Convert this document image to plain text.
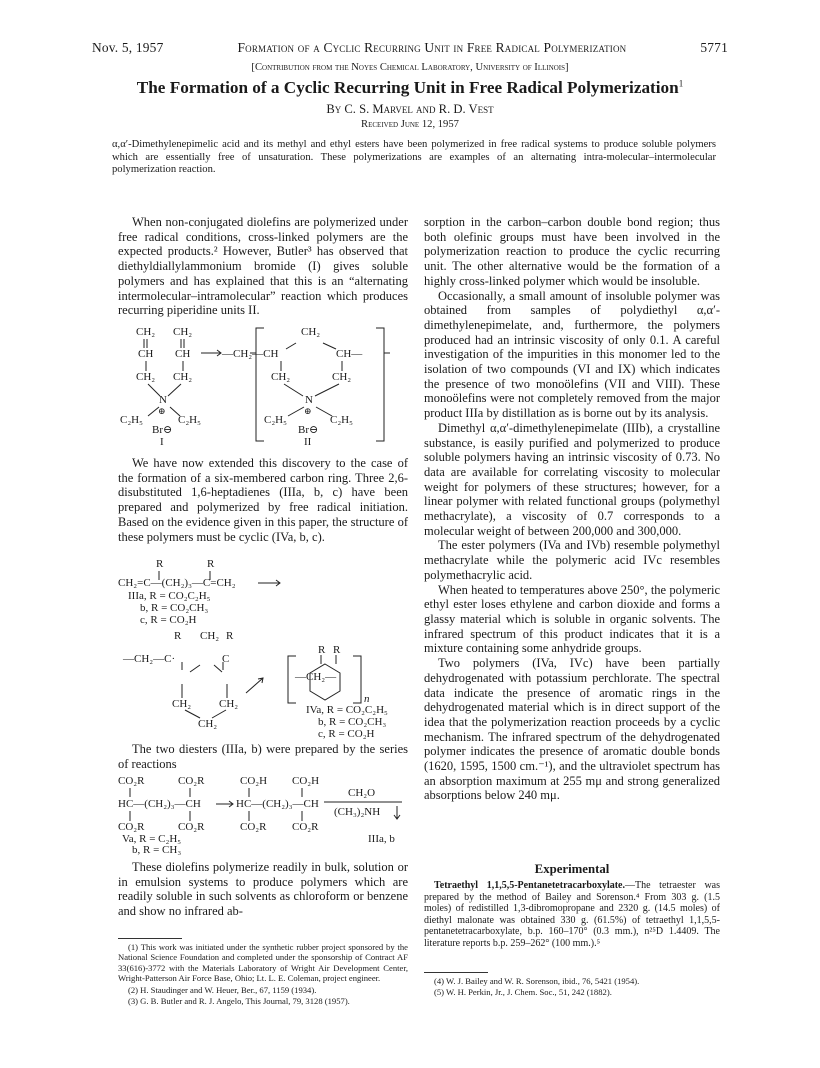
Nov. 5, 1957	Formation of a Cyclic Recurring Unit in Free Radical Polymerization	5771
[Contribution from the Noyes Chemical Laboratory, University of Illinois]
The Formation of a Cyclic Recurring Unit in Free Radical Polymerization$^1$
By C. S. Marvel and R. D. Vest
Received June 12, 1957
α,α′-Dimethylenepimelic acid and its methyl and ethyl esters have been polymerized in free radical systems to produce soluble polymers which are essentially free of unsaturation. These polymerizations are examples of an alternating intra-molecular–intermolecular polymerization reaction.

When non-conjugated diolefins are polymerized under free radical conditions, cross-linked polymers are the expected products.² However, Butler³ has observed that diethyldiallylammonium bromide (I) gives soluble polymers and has explained that this is an “alternating intermolecular–intramolecular” reaction which produces recurring piperidine units II.

CH₂ CH₂
CH CH
CH₂ CH₂
N
⊕
C₂H₅	C₂H₅
Br⊖
I
CH₂
—CH₂—CH	CH—
CH₂	CH₂
N
⊕
C₂H₅	C₂H₅
Br⊖
II

We have now extended this discovery to the case of the formation of a six-membered carbon ring. Three 2,6-disubstituted 1,6-heptadienes (IIIa, b, c) have been prepared and polymerized by free radical initiation. Based on the evidence given in this paper, the structure of these polymers must be cyclic (IVa, b, c).

R	R
CH₂=C—(CH₂)₃—C=CH₂
IIIa, R = CO₂C₂H₅
b, R = CO₂CH₃
c, R = CO₂H
R R
—CH₂—
n
R CH₂ R
—CH₂—C·	C
CH₂	CH₂
CH₂
IVa, R = CO₂C₂H₅
b, R = CO₂CH₃
c, R = CO₂H

The two diesters (IIIa, b) were prepared by the series of reactions

CO₂R	CO₂R	CO₂H CO₂H
HC—(CH₂)₃—CH	HC—(CH₂)₃—CH
CO₂R	CO₂R	CO₂R CO₂R
CH₂O
(CH₃)₂NH
Va, R = C₂H₅
b, R = CH₃
IIIa, b

These diolefins polymerize readily in bulk, solution or in emulsion systems to produce polymers which are readily soluble in such solvents as chloroform or benzene and show no infrared ab-

(1) This work was initiated under the synthetic rubber project sponsored by the National Science Foundation and completed under the sponsorship of Contract AF 33(616)-3772 with the Materials Laboratory of Wright Air Development Center, Wright-Patterson Air Force Base, Ohio; Lt. L. E. Coleman, project engineer.

(2) H. Staudinger and W. Heuer, Ber., 67, 1159 (1934).

(3) G. B. Butler and R. J. Angelo, This Journal, 79, 3128 (1957).

sorption in the carbon–carbon double bond region; thus both olefinic groups must have been involved in the polymerization reaction to produce the cyclic recurring unit. The other alternative would be the formation of a highly cross-linked polymer which would be insoluble.

Occasionally, a small amount of insoluble polymer was obtained from samples of polydiethyl α,α′-dimethylenepimelate, and, furthermore, the polymers produced had an intrinsic viscosity of only 0.1. A careful investigation of the impurities in this monomer led to the isolation of two compounds (VI and IX) which indicates the presence of two monoölefins (VII and VIII). These monoölefins were not completely removed from the major product IIIa by distillation as is borne out by its analysis.

Dimethyl α,α′-dimethylenepimelate (IIIb), a crystalline substance, is easily purified and polymerized to produce soluble polymers having an intrinsic viscosity of 0.73. No data are available for correlating viscosity to molecular weight for polymers of these structures; however, for a linear polymer with related functional groups (polymethyl methacrylate), a viscosity of 0.7 corresponds to a molecular weight of between 200,000 and 300,000.

The ester polymers (IVa and IVb) resemble polymethyl methacrylate while the polymeric acid IVc resembles polymethacrylic acid.

When heated to temperatures above 250°, the polymeric ethyl ester loses ethylene and carbon dioxide and forms a glassy material which is soluble in organic solvents. The infrared spectrum of this product indicates that it is a mixture containing some anhydride groups.

Two polymers (IVa, IVc) have been partially dehydrogenated with potassium perchlorate. The spectral data indicate the presence of aromatic rings in the dehydrogenated material which is in direct support of the idea that the polymerization reaction proceeds by a cyclic mechanism. The infrared spectrum of the dehydrogenated polymer indicates the presence of aromatic double bonds (1620, 1595, 1500 cm.⁻¹), and the ultraviolet spectrum has an absorption maximum at 255 mμ and strong generalized absorptions below 240 mμ.

Experimental

Tetraethyl 1,1,5,5-Pentanetetracarboxylate.—The tetraester was prepared by the method of Bailey and Sorenson.⁴ From 303 g. (1.5 moles) of redistilled 1,3-dibromopropane and 2320 g. (14.5 moles) of diethyl malonate was obtained 330 g. (61.5%) of tetraethyl 1,1,5,5-pentanetetracarboxylate, b.p. 160–170° (0.3 mm.), n²⁵D 1.4409. The literature reports b.p. 259–262° (100 mm.).⁵

(4) W. J. Bailey and W. R. Sorenson, ibid., 76, 5421 (1954).

(5) W. H. Perkin, Jr., J. Chem. Soc., 51, 242 (1882).
